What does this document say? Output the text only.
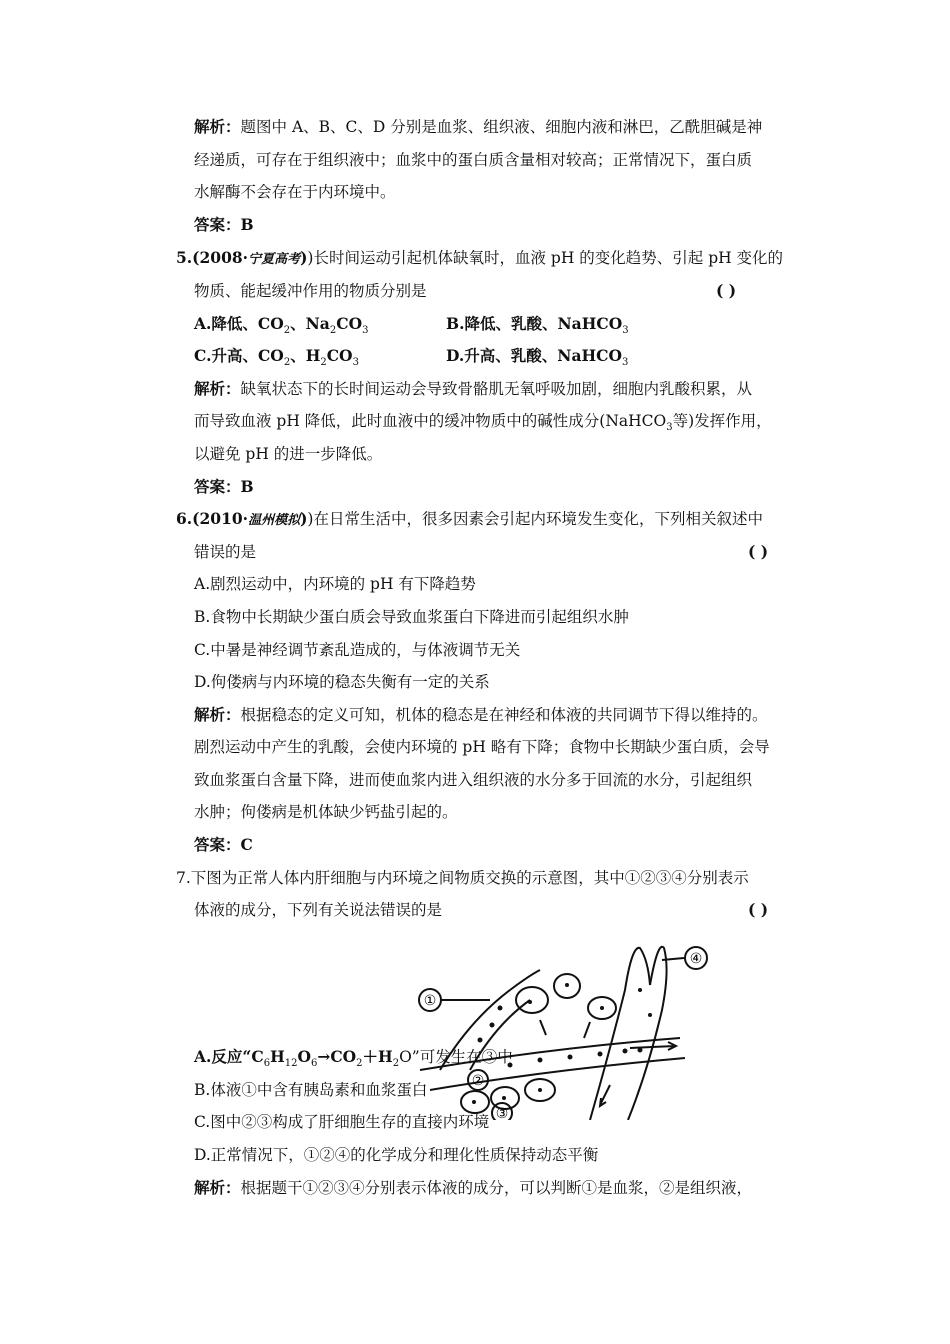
解析：题图中 A、B、C、D 分别是血浆、组织液、细胞内液和淋巴，乙酰胆碱是神
经递质，可存在于组织液中；血浆中的蛋白质含量相对较高；正常情况下，蛋白质
水解酶不会存在于内环境中。
答案：B
5.(2008·宁夏高考))长时间运动引起机体缺氧时，血液 pH 的变化趋势、引起 pH 变化的
物质、能起缓冲作用的物质分别是	( )
A.降低、$CO_2$、$Na_2CO_3$	B.降低、乳酸、NaHCO$_3$
C.升高、$CO_2$、$H_2CO_3$	D.升高、乳酸、NaHCO$_3$
解析：缺氧状态下的长时间运动会导致骨骼肌无氧呼吸加剧，细胞内乳酸积累，从
而导致血液 pH 降低，此时血液中的缓冲物质中的碱性成分(NaHCO$_3$等)发挥作用，
以避免 pH 的进一步降低。
答案：B
6.(2010·温州模拟))在日常生活中，很多因素会引起内环境发生变化，下列相关叙述中
错误的是	( )
A.剧烈运动中，内环境的 pH 有下降趋势
B.食物中长期缺少蛋白质会导致血浆蛋白下降进而引起组织水肿
C.中暑是神经调节紊乱造成的，与体液调节无关
D.佝偻病与内环境的稳态失衡有一定的关系
解析：根据稳态的定义可知，机体的稳态是在神经和体液的共同调节下得以维持的。
剧烈运动中产生的乳酸，会使内环境的 pH 略有下降；食物中长期缺少蛋白质，会导
致血浆蛋白含量下降，进而使血浆内进入组织液的水分多于回流的水分，引起组织
水肿；佝偻病是机体缺少钙盐引起的。
答案：C
7.下图为正常人体内肝细胞与内环境之间物质交换的示意图，其中①②③④分别表示
体液的成分，下列有关说法错误的是	( )
①
②
③
④
A.反应“$C_6H_{12}O_6\to CO_2+H_2O$”可发生在③中
B.体液①中含有胰岛素和血浆蛋白
C.图中②③构成了肝细胞生存的直接内环境
D.正常情况下，①②④的化学成分和理化性质保持动态平衡
解析：根据题干①②③④分别表示体液的成分，可以判断①是血浆，②是组织液，
